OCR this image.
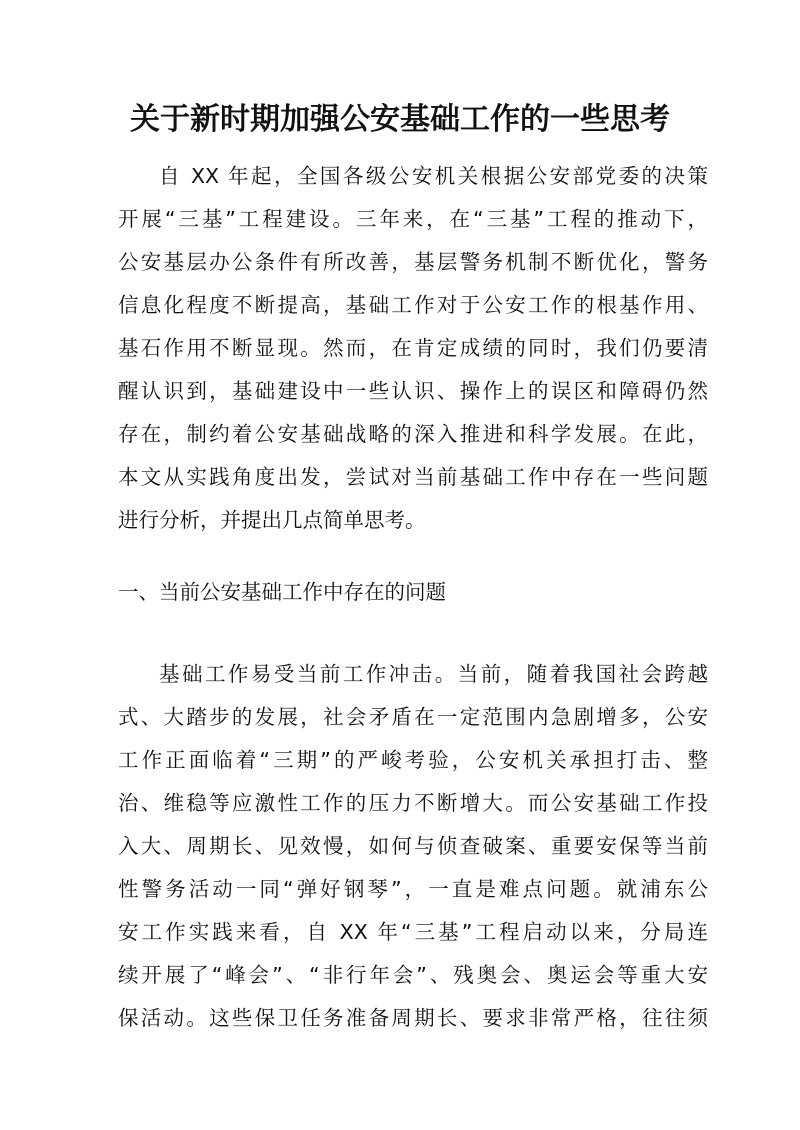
关于新时期加强公安基础工作的一些思考
自 XX 年起，全国各级公安机关根据公安部党委的决策
开展“三基”工程建设。三年来，在“三基”工程的推动下，
公安基层办公条件有所改善，基层警务机制不断优化，警务
信息化程度不断提高，基础工作对于公安工作的根基作用、
基石作用不断显现。然而，在肯定成绩的同时，我们仍要清
醒认识到，基础建设中一些认识、操作上的误区和障碍仍然
存在，制约着公安基础战略的深入推进和科学发展。在此，
本文从实践角度出发，尝试对当前基础工作中存在一些问题
进行分析，并提出几点简单思考。
一、当前公安基础工作中存在的问题
基础工作易受当前工作冲击。当前，随着我国社会跨越
式、大踏步的发展，社会矛盾在一定范围内急剧增多，公安
工作正面临着“三期”的严峻考验，公安机关承担打击、整
治、维稳等应激性工作的压力不断增大。而公安基础工作投
入大、周期长、见效慢，如何与侦查破案、重要安保等当前
性警务活动一同“弹好钢琴”，一直是难点问题。就浦东公
安工作实践来看，自 XX 年“三基”工程启动以来，分局连
续开展了“峰会”、“非行年会”、残奥会、奥运会等重大安
保活动。这些保卫任务准备周期长、要求非常严格，往往须
